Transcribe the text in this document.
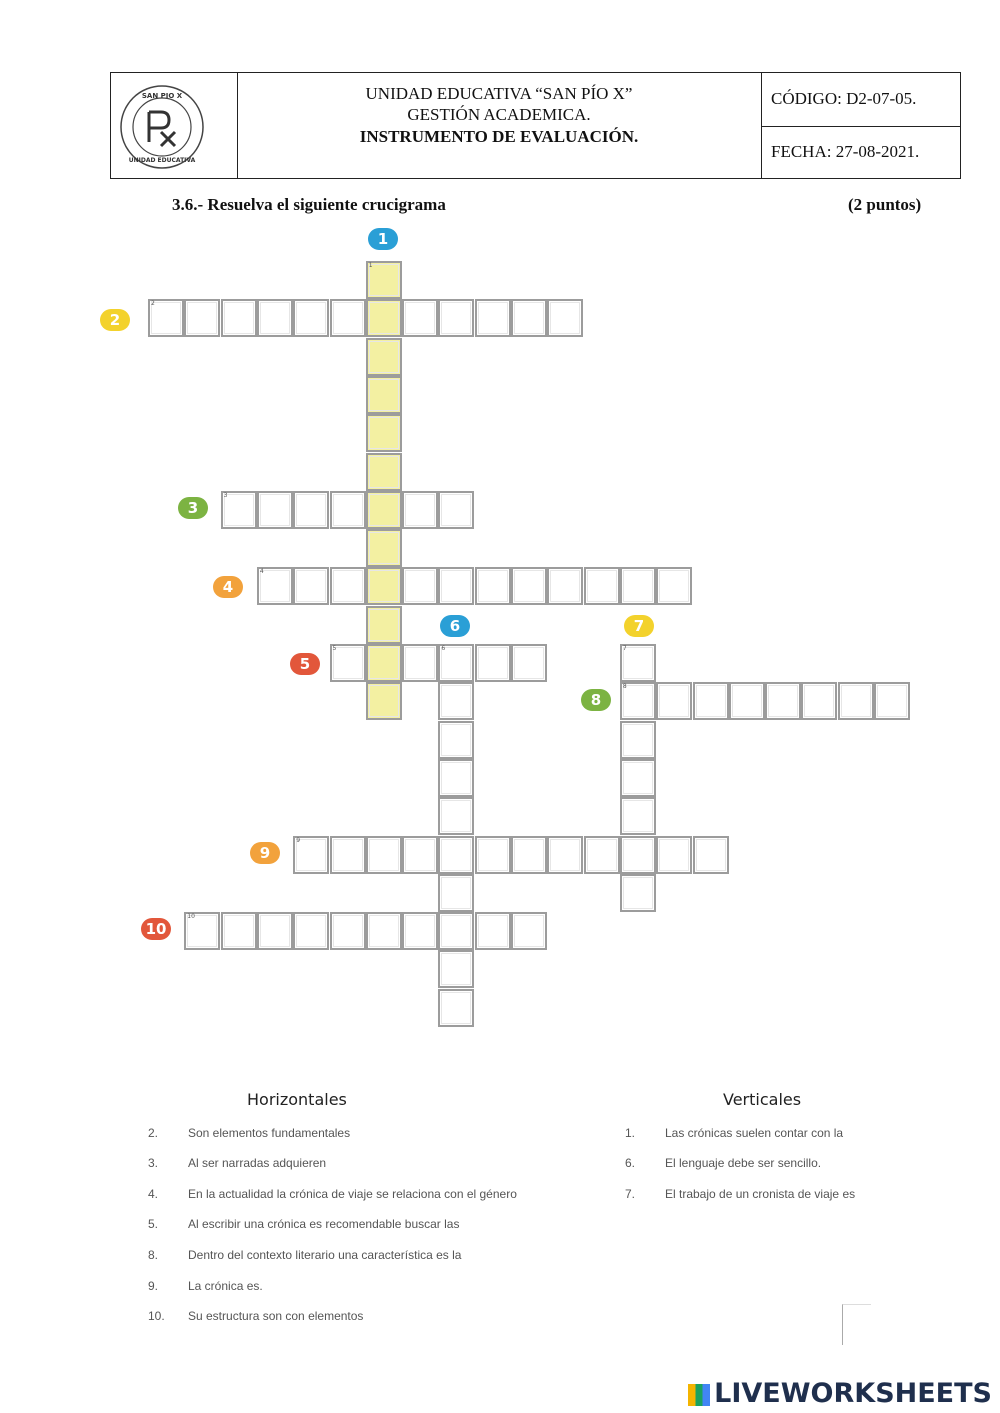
SAN PIO X
UNIDAD EDUCATIVA
UNIDAD EDUCATIVA “SAN PÍO X”
GESTIÓN ACADEMICA.
INSTRUMENTO DE EVALUACIÓN.
CÓDIGO: D2-07-05.
FECHA: 27-08-2021.
3.6.- Resuelva el siguiente crucigrama	(2 puntos)
1
2
3
4
5	6	7
8
9
10
1
2
3
4
6	7
5
8
9
10
Horizontales	Verticales
2.	Son elementos fundamentales
3.	Al ser narradas adquieren
4.	En la actualidad la crónica de viaje se relaciona con el género
5.	Al escribir una crónica es recomendable buscar las
8.	Dentro del contexto literario una característica es la
9.	La crónica es.
10.	Su estructura son con elementos
1.	Las crónicas suelen contar con la
6.	El lenguaje debe ser sencillo.
7.	El trabajo de un cronista de viaje es
LIVEWORKSHEETS
